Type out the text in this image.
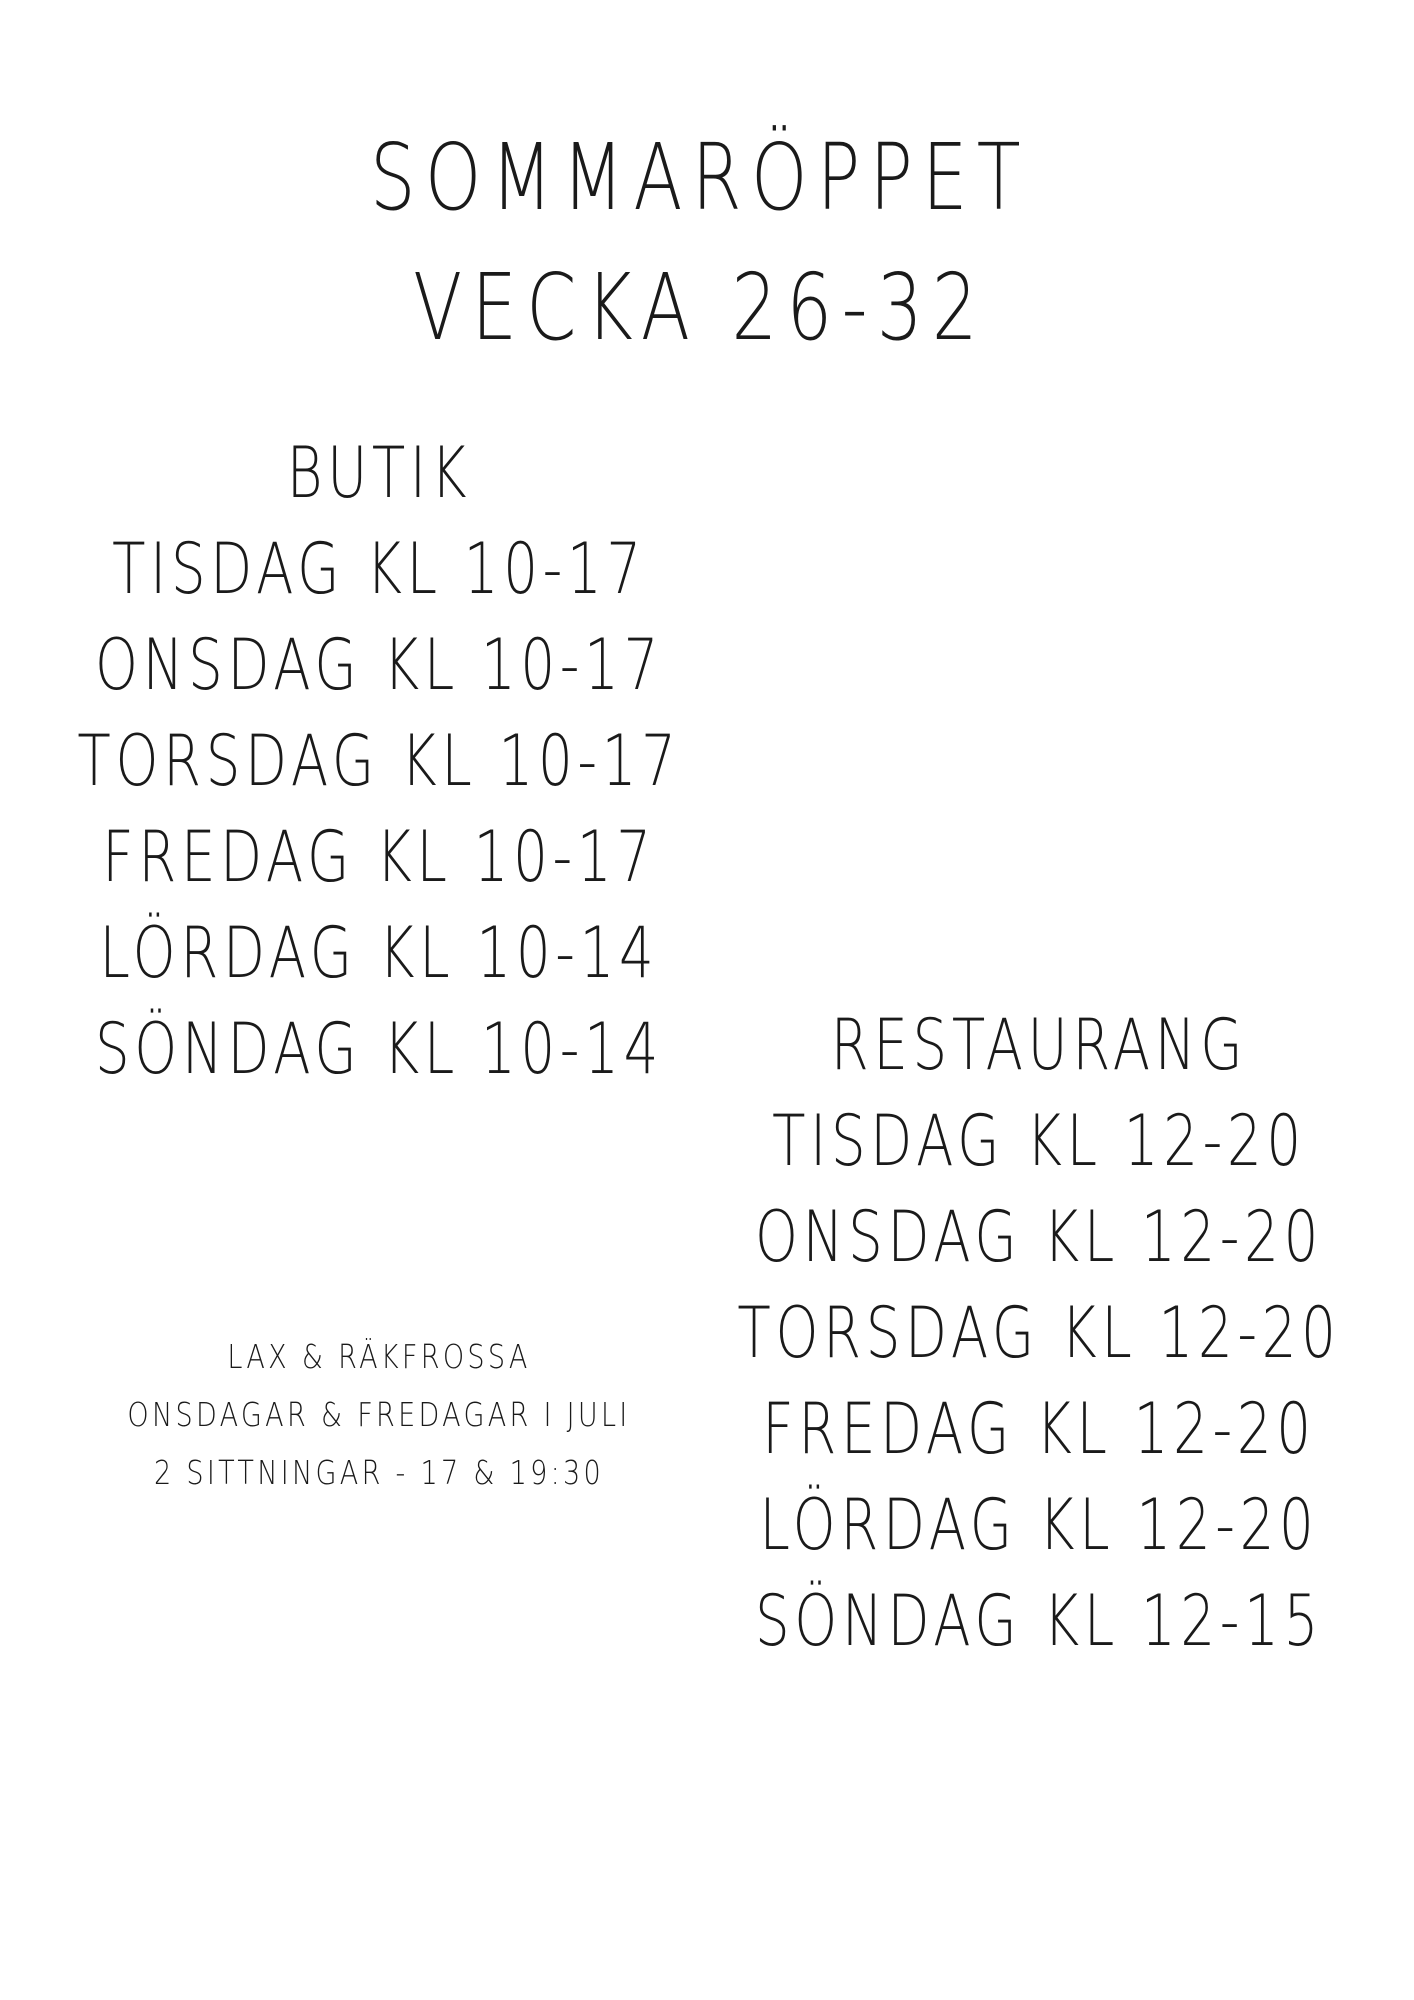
SOMMARÖPPET
VECKA 26-32
BUTIK
TISDAG KL 10-17
ONSDAG KL 10-17
TORSDAG KL 10-17
FREDAG KL 10-17
LÖRDAG KL 10-14
SÖNDAG KL 10-14
LAX & RÄKFROSSA
ONSDAGAR & FREDAGAR I JULI
2 SITTNINGAR - 17 & 19:30
RESTAURANG
TISDAG KL 12-20
ONSDAG KL 12-20
TORSDAG KL 12-20
FREDAG KL 12-20
LÖRDAG KL 12-20
SÖNDAG KL 12-15
